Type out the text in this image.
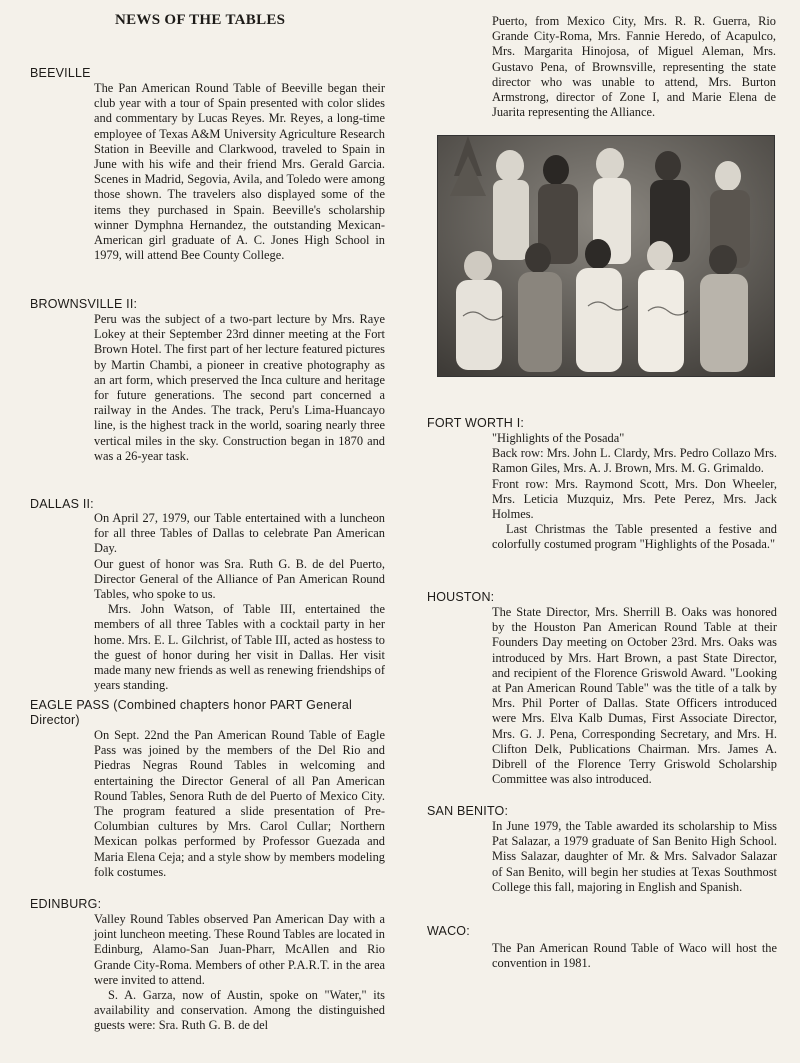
NEWS OF THE TABLES
BEEVILLE
The Pan American Round Table of Beeville began their club year with a tour of Spain presented with color slides and commentary by Lucas Reyes. Mr. Reyes, a long-time employee of Texas A&M University Agriculture Research Station in Beeville and Clarkwood, traveled to Spain in June with his wife and their friend Mrs. Gerald Garcia. Scenes in Madrid, Segovia, Avila, and Toledo were among those shown. The travelers also displayed some of the items they purchased in Spain. Beeville's scholarship winner Dymphna Hernandez, the outstanding Mexican-American girl graduate of A. C. Jones High School in 1979, will attend Bee County College.
BROWNSVILLE II:
Peru was the subject of a two-part lecture by Mrs. Raye Lokey at their September 23rd dinner meeting at the Fort Brown Hotel. The first part of her lecture featured pictures by Martin Chambi, a pioneer in creative photography as an art form, which preserved the Inca culture and heritage for future generations. The second part concerned a railway in the Andes. The track, Peru's Lima-Huancayo line, is the highest track in the world, soaring nearly three vertical miles in the sky. Construction began in 1870 and was a 26-year task.
DALLAS II:

On April 27, 1979, our Table entertained with a luncheon for all three Tables of Dallas to celebrate Pan American Day.

Our guest of honor was Sra. Ruth G. B. de del Puerto, Director General of the Alliance of Pan American Round Tables, who spoke to us.

Mrs. John Watson, of Table III, entertained the members of all three Tables with a cocktail party in her home. Mrs. E. L. Gilchrist, of Table III, acted as hostess to the guest of honor during her visit in Dallas. Her visit made many new friends as well as renewing friendships of years standing.

EAGLE PASS (Combined chapters honor PART General Director)
On Sept. 22nd the Pan American Round Table of Eagle Pass was joined by the members of the Del Rio and Piedras Negras Round Tables in welcoming and entertaining the Director General of all Pan American Round Tables, Senora Ruth de del Puerto of Mexico City. The program featured a slide presentation of Pre-Columbian cultures by Mrs. Carol Cullar; Northern Mexican polkas performed by Professor Guezada and Maria Elena Ceja; and a style show by members modeling folk costumes.
EDINBURG:

Valley Round Tables observed Pan American Day with a joint luncheon meeting. These Round Tables are located in Edinburg, Alamo-San Juan-Pharr, McAllen and Rio Grande City-Roma. Members of other P.A.R.T. in the area were invited to attend.

S. A. Garza, now of Austin, spoke on "Water," its availability and conservation. Among the distinguished guests were: Sra. Ruth G. B. de del

Puerto, from Mexico City, Mrs. R. R. Guerra, Rio Grande City-Roma, Mrs. Fannie Heredo, of Acapulco, Mrs. Margarita Hinojosa, of Miguel Aleman, Mrs. Gustavo Pena, of Brownsville, representing the state director who was unable to attend, Mrs. Burton Armstrong, director of Zone I, and Marie Elena de Juarita representing the Alliance.
FORT WORTH I:

"Highlights of the Posada"

Back row: Mrs. John L. Clardy, Mrs. Pedro Collazo Mrs. Ramon Giles, Mrs. A. J. Brown, Mrs. M. G. Grimaldo.

Front row: Mrs. Raymond Scott, Mrs. Don Wheeler, Mrs. Leticia Muzquiz, Mrs. Pete Perez, Mrs. Jack Holmes.

Last Christmas the Table presented a festive and colorfully costumed program "Highlights of the Posada."

HOUSTON:
The State Director, Mrs. Sherrill B. Oaks was honored by the Houston Pan American Round Table at their Founders Day meeting on October 23rd. Mrs. Oaks was introduced by Mrs. Hart Brown, a past State Director, and recipient of the Florence Griswold Award. "Looking at Pan American Round Table" was the title of a talk by Mrs. Phil Porter of Dallas. State Officers introduced were Mrs. Elva Kalb Dumas, First Associate Director, Mrs. G. J. Pena, Corresponding Secretary, and Mrs. H. Clifton Delk, Publications Chairman. Mrs. James A. Dibrell of the Florence Terry Griswold Scholarship Committee was also introduced.
SAN BENITO:
In June 1979, the Table awarded its scholarship to Miss Pat Salazar, a 1979 graduate of San Benito High School. Miss Salazar, daughter of Mr. & Mrs. Salvador Salazar of San Benito, will begin her studies at Texas Southmost College this fall, majoring in English and Spanish.
WACO:
The Pan American Round Table of Waco will host the convention in 1981.
